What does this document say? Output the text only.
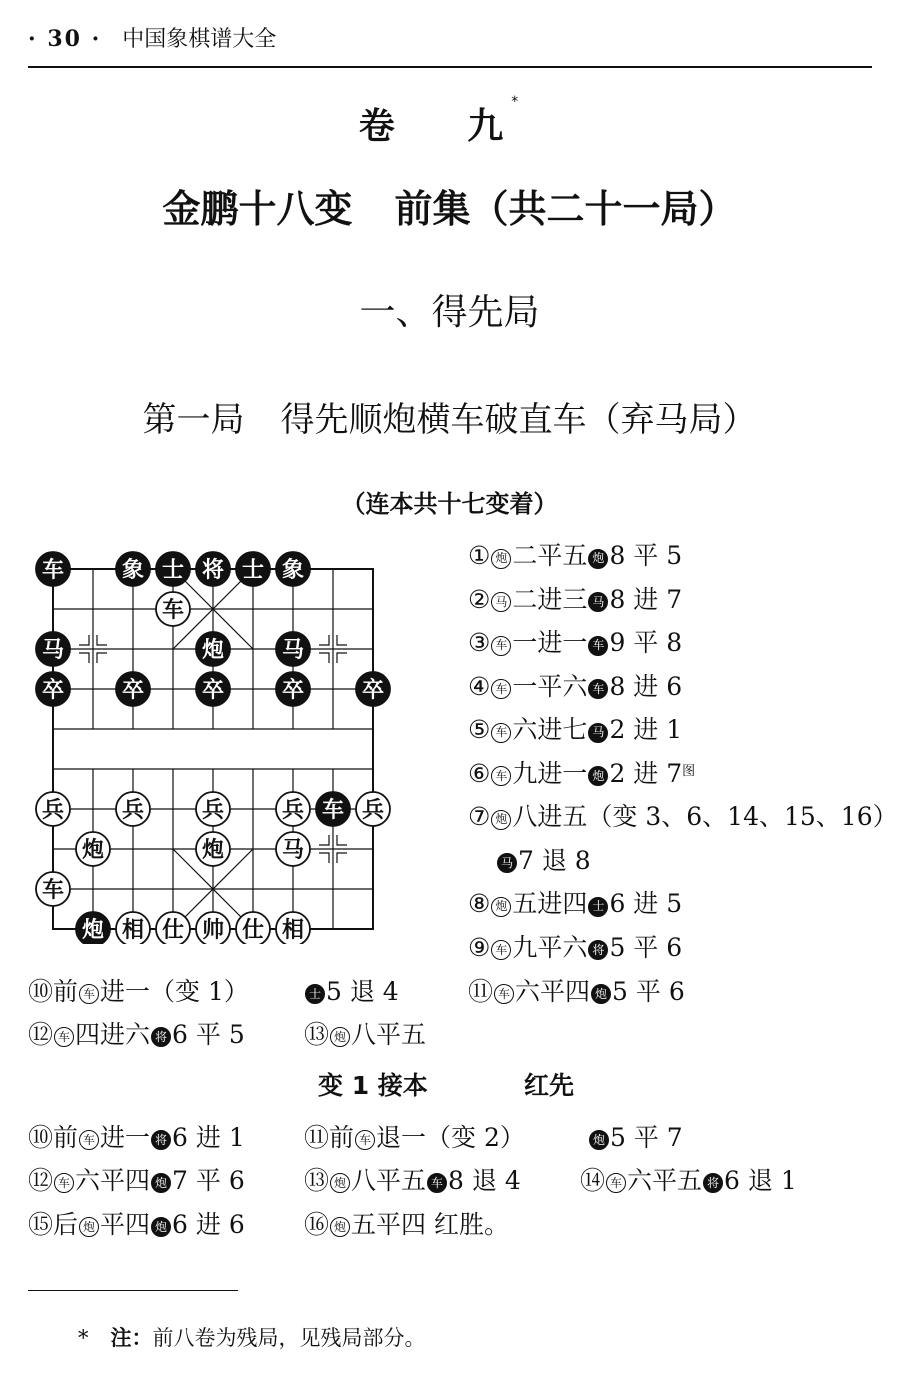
· 30 · 中国象棋谱大全
卷 九*
金鹏十八变 前集（共二十一局）
一、得先局
第一局 得先顺炮横车破直车（弃马局）
（连本共十七变着）
车	象 士 将 士 象
车
马	炮	马
卒	卒	卒	卒	卒
兵	兵	兵	兵 车 兵
炮	炮	马
车
炮 相 仕 帅 仕 相
① 炮 二平五 炮 8 平 5
② 马 二进三 马 8 进 7
③ 车 一进一 车 9 平 8
④ 车 一平六 车 8 进 6
⑤ 车 六进七 马 2 进 1
⑥ 车 九进一 炮 2 进 $7^图$
⑦ 炮 八进五（变 3、6、14、15、16）
马 7 退 8
⑧ 炮 五进四 士 6 进 5
⑨ 车 九平六 将 5 平 6
⑩前 车 进一（变 1）	士 5 退 4	⑪ 车 六平四 炮 5 平 6
⑫ 车 四进六 将 6 平 5 ⑬ 炮 八平五
变 1 接本	红先
⑩前 车 进一 将 6 进 1 ⑪前 车 退一（变 2）	炮 5 平 7
⑫ 车 六平四 炮 7 平 6 ⑬ 炮 八平五 车 8 退 4 ⑭ 车 六平五 将 6 退 1
⑮后 炮 平四 炮 6 进 6 ⑯ 炮 五平四 红胜。
* 注：前八卷为残局，见残局部分。
